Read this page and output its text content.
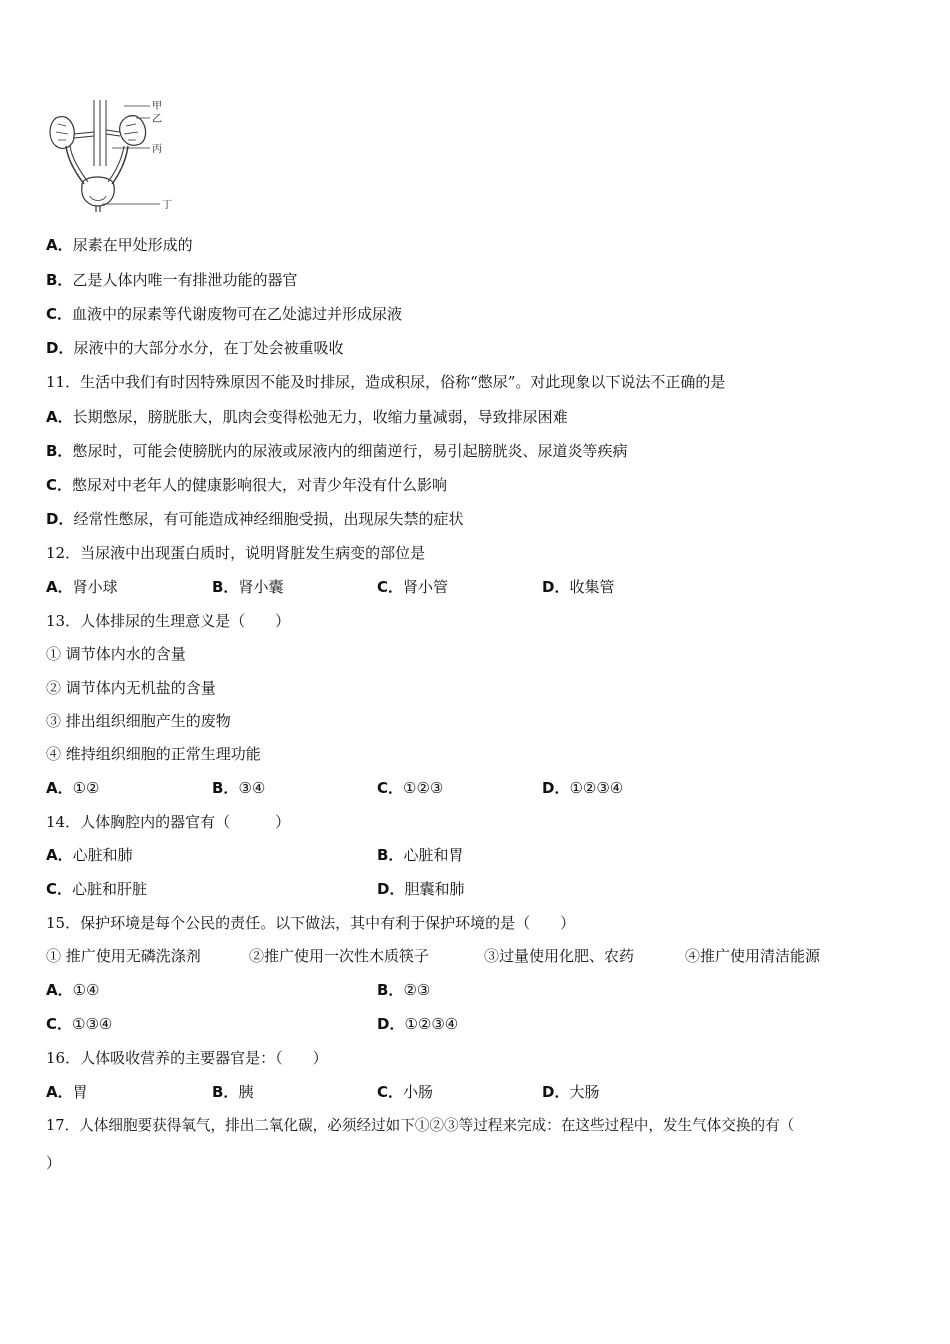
甲
乙
丙
丁
A．尿素在甲处形成的
B．乙是人体内唯一有排泄功能的器官
C．血液中的尿素等代谢废物可在乙处滤过并形成尿液
D．尿液中的大部分水分，在丁处会被重吸收
11．生活中我们有时因特殊原因不能及时排尿，造成积尿，俗称“憋尿”。对此现象以下说法不正确的是
A．长期憋尿，膀胱胀大，肌肉会变得松弛无力，收缩力量减弱，导致排尿困难
B．憋尿时，可能会使膀胱内的尿液或尿液内的细菌逆行，易引起膀胱炎、尿道炎等疾病
C．憋尿对中老年人的健康影响很大，对青少年没有什么影响
D．经常性憋尿，有可能造成神经细胞受损，出现尿失禁的症状
12．当尿液中出现蛋白质时，说明肾脏发生病变的部位是
A．肾小球	B．肾小囊	C．肾小管	D．收集管
13．人体排尿的生理意义是（　　）
① 调节体内水的含量
② 调节体内无机盐的含量
③ 排出组织细胞产生的废物
④ 维持组织细胞的正常生理功能
A．①②	B．③④	C．①②③	D．①②③④
14．人体胸腔内的器官有（　　　）
A．心脏和肺	B．心脏和胃
C．心脏和肝脏	D．胆囊和肺
15．保护环境是每个公民的责任。以下做法，其中有利于保护环境的是（　　）
① 推广使用无磷洗涤剂	②推广使用一次性木质筷子	③过量使用化肥、农药	④推广使用清洁能源
A．①④	B．②③
C．①③④	D．①②③④
16．人体吸收营养的主要器官是：（　　）
A．胃	B．胰	C．小肠	D．大肠
17．人体细胞要获得氧气，排出二氧化碳，必须经过如下①②③等过程来完成：在这些过程中，发生气体交换的有（
）
